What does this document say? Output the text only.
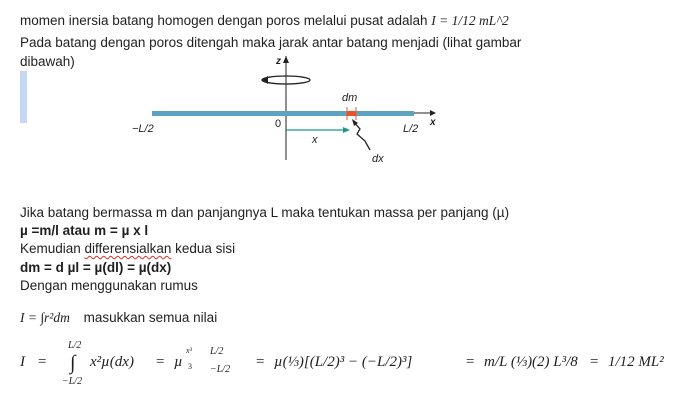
momen inersia batang homogen dengan poros melalui pusat adalah I = 1/12 mL^2
Pada batang dengan poros ditengah maka jarak antar batang menjadi (lihat gambar
dibawah)	z
dm
x
−L/2	0	L/2
x
dx
Jika batang bermassa m dan panjangnya L maka tentukan massa per panjang (µ)
µ =m/l atau m = µ x l
Kemudian differensialkan kedua sisi
dm = d µl = µ(dl) = µ(dx)
Dengan menggunakan rumus
I = ∫r²dm masukkan semua nilai
I =
L/2
∫
−L/2
x²µ(dx) = µ
x³
3
L/2
−L/2 = µ(⅓)[(L/2)³ − (−L/2)³]	= m/L (⅓)(2) L³/8 = 1/12 ML²
